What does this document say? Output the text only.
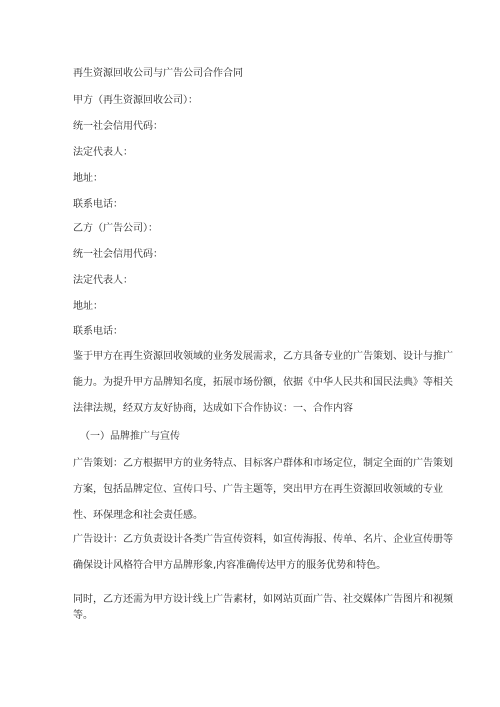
再生资源回收公司与广告公司合作合同
甲方（再生资源回收公司）：
统一社会信用代码：
法定代表人：
地址：
联系电话：
乙方（广告公司）：
统一社会信用代码：
法定代表人：
地址：
联系电话：
鉴于甲方在再生资源回收领域的业务发展需求，乙方具备专业的广告策划、设计与推广
能力。为提升甲方品牌知名度，拓展市场份额，依据《中华人民共和国民法典》等相关
法律法规，经双方友好协商，达成如下合作协议：一、合作内容
（一）品牌推广与宣传
广告策划：乙方根据甲方的业务特点、目标客户群体和市场定位，制定全面的广告策划
方案，包括品牌定位、宣传口号、广告主题等，突出甲方在再生资源回收领域的专业
性、环保理念和社会责任感。
广告设计：乙方负责设计各类广告宣传资料，如宣传海报、传单、名片、企业宣传册等
确保设计风格符合甲方品牌形象,内容准确传达甲方的服务优势和特色。
同时，乙方还需为甲方设计线上广告素材，如网站页面广告、社交媒体广告图片和视频
等。
